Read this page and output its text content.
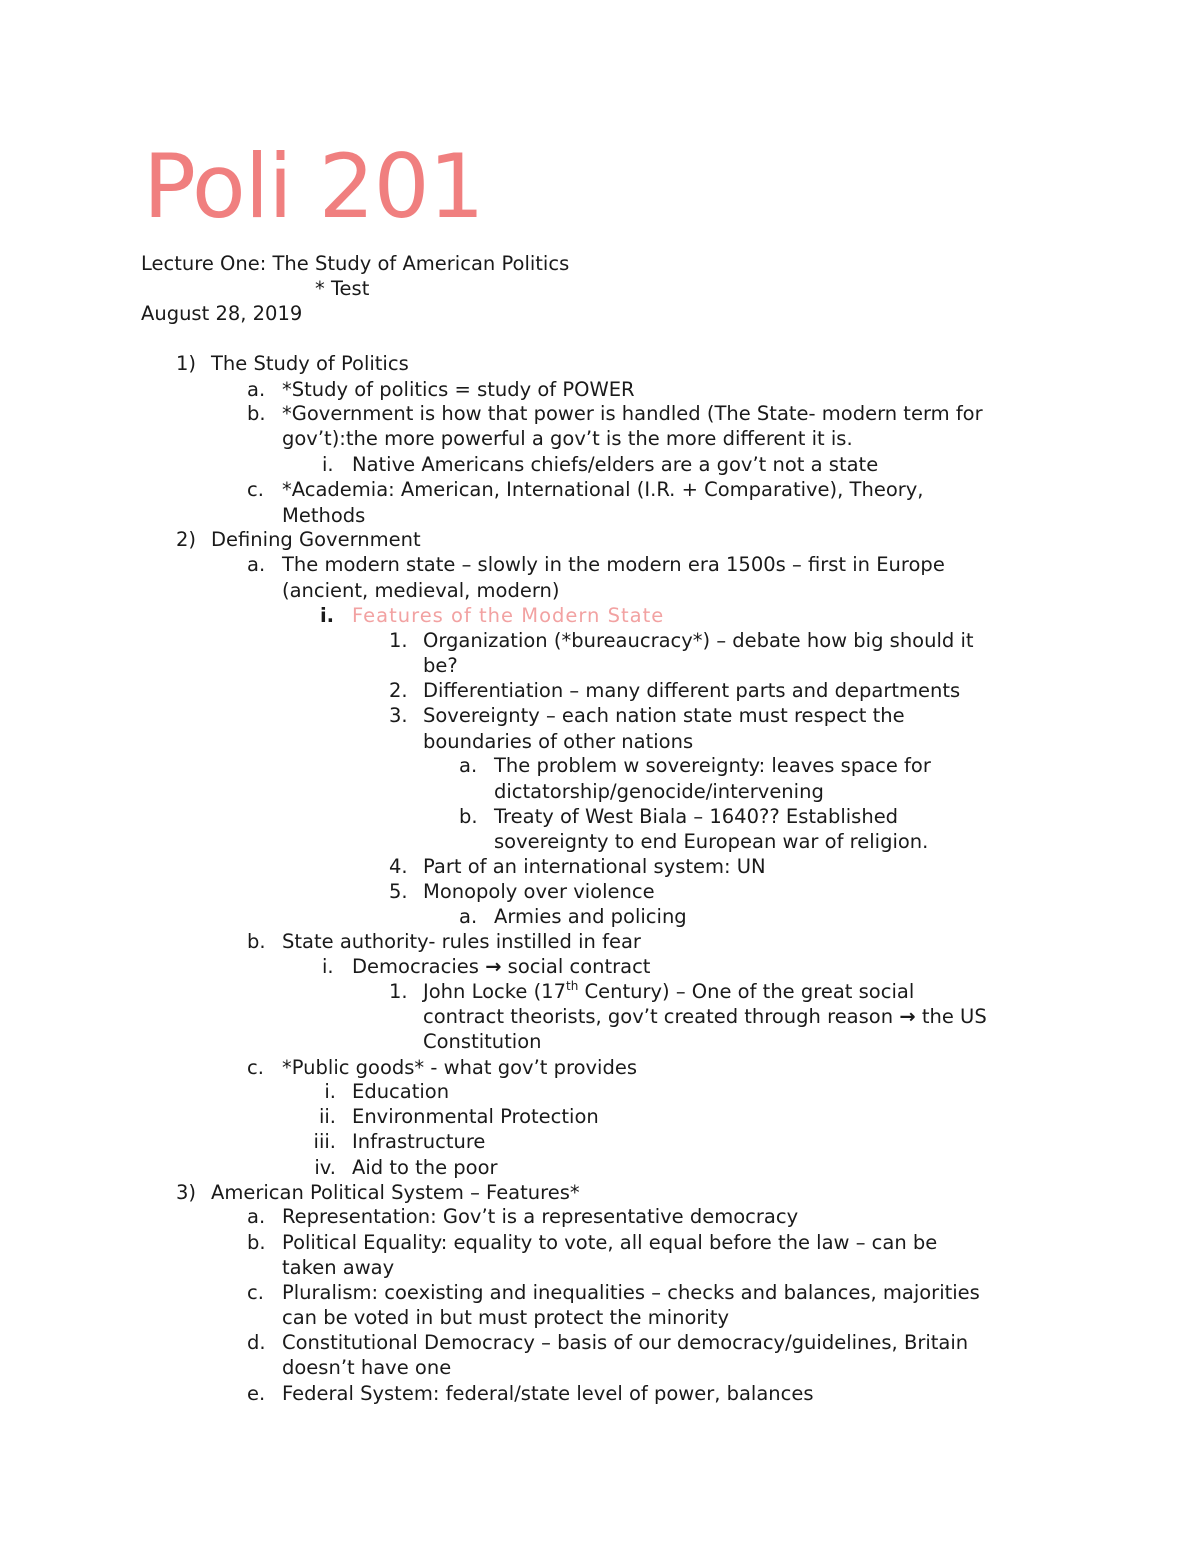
Poli 201
Lecture One: The Study of American Politics
* Test
August 28, 2019
1) The Study of Politics
a. *Study of politics = study of POWER
b. *Government is how that power is handled (The State- modern term for
gov’t):the more powerful a gov’t is the more different it is.
i. Native Americans chiefs/elders are a gov’t not a state
c. *Academia: American, International (I.R. + Comparative), Theory,
Methods
2) Defining Government
a. The modern state – slowly in the modern era 1500s – first in Europe
(ancient, medieval, modern)
i. Features of the Modern State
1. Organization (*bureaucracy*) – debate how big should it
be?
2. Differentiation – many different parts and departments
3. Sovereignty – each nation state must respect the
boundaries of other nations
a. The problem w sovereignty: leaves space for
dictatorship/genocide/intervening
b. Treaty of West Biala – 1640?? Established
sovereignty to end European war of religion.
4. Part of an international system: UN
5. Monopoly over violence
a. Armies and policing
b. State authority- rules instilled in fear
i. Democracies → social contract
1. John Locke (17th Century) – One of the great social
contract theorists, gov’t created through reason → the US
Constitution
c. *Public goods* - what gov’t provides
i. Education
ii. Environmental Protection
iii. Infrastructure
iv. Aid to the poor
3) American Political System – Features*
a. Representation: Gov’t is a representative democracy
b. Political Equality: equality to vote, all equal before the law – can be
taken away
c. Pluralism: coexisting and inequalities – checks and balances, majorities
can be voted in but must protect the minority
d. Constitutional Democracy – basis of our democracy/guidelines, Britain
doesn’t have one
e. Federal System: federal/state level of power, balances
